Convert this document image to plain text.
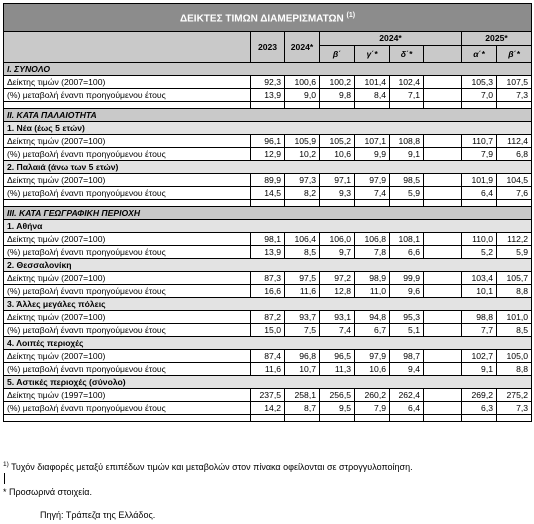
ΔΕΙΚΤΕΣ ΤΙΜΩΝ ΔΙΑΜΕΡΙΣΜΑΤΩΝ $^{(1)}$
	2023	2024*	2024*				2025*	
			β΄	γ΄*	δ΄*		α΄*	β΄*
I. ΣΥΝΟΛΟ								
Δείκτης τιμών (2007=100)	92,3	100,6	100,2	101,4	102,4		105,3	107,5
(%) μεταβολή έναντι προηγούμενου έτους	13,9	9,0	9,8	8,4	7,1		7,0	7,3

II. ΚΑΤΑ ΠΑΛΑΙΟΤΗΤΑ								
1. Νέα (έως 5 ετών)								
Δείκτης τιμών (2007=100)	96,1	105,9	105,2	107,1	108,8		110,7	112,4
(%) μεταβολή έναντι προηγούμενου έτους	12,9	10,2	10,6	9,9	9,1		7,9	6,8
2. Παλαιά (άνω των 5 ετών)								
Δείκτης τιμών (2007=100)	89,9	97,3	97,1	97,9	98,5		101,9	104,5
(%) μεταβολή έναντι προηγούμενου έτους	14,5	8,2	9,3	7,4	5,9		6,4	7,6

III. ΚΑΤΑ ΓΕΩΓΡΑΦΙΚΗ ΠΕΡΙΟΧΗ								
1. Αθήνα								
Δείκτης τιμών (2007=100)	98,1	106,4	106,0	106,8	108,1		110,0	112,2
(%) μεταβολή έναντι προηγούμενου έτους	13,9	8,5	9,7	7,8	6,6		5,2	5,9
2. Θεσσαλονίκη								
Δείκτης τιμών (2007=100)	87,3	97,5	97,2	98,9	99,9		103,4	105,7
(%) μεταβολή έναντι προηγούμενου έτους	16,6	11,6	12,8	11,0	9,6		10,1	8,8
3. Άλλες μεγάλες πόλεις								
Δείκτης τιμών (2007=100)	87,2	93,7	93,1	94,8	95,3		98,8	101,0
(%) μεταβολή έναντι προηγούμενου έτους	15,0	7,5	7,4	6,7	5,1		7,7	8,5
4. Λοιπές περιοχές								
Δείκτης τιμών (2007=100)	87,4	96,8	96,5	97,9	98,7		102,7	105,0
(%) μεταβολή έναντι προηγούμενου έτους	11,6	10,7	11,3	10,6	9,4		9,1	8,8
5. Αστικές περιοχές (σύνολο)								
Δείκτης τιμών (1997=100)	237,5	258,1	256,5	260,2	262,4		269,2	275,2
(%) μεταβολή έναντι προηγούμενου έτους	14,2	8,7	9,5	7,9	6,4		6,3	7,3

$^{1)}$ Τυχόν διαφορές μεταξύ επιπέδων τιμών και μεταβολών στον πίνακα οφείλονται σε στρογγυλοποίηση.
* Προσωρινά στοιχεία.
Πηγή: Τράπεζα της Ελλάδος.
